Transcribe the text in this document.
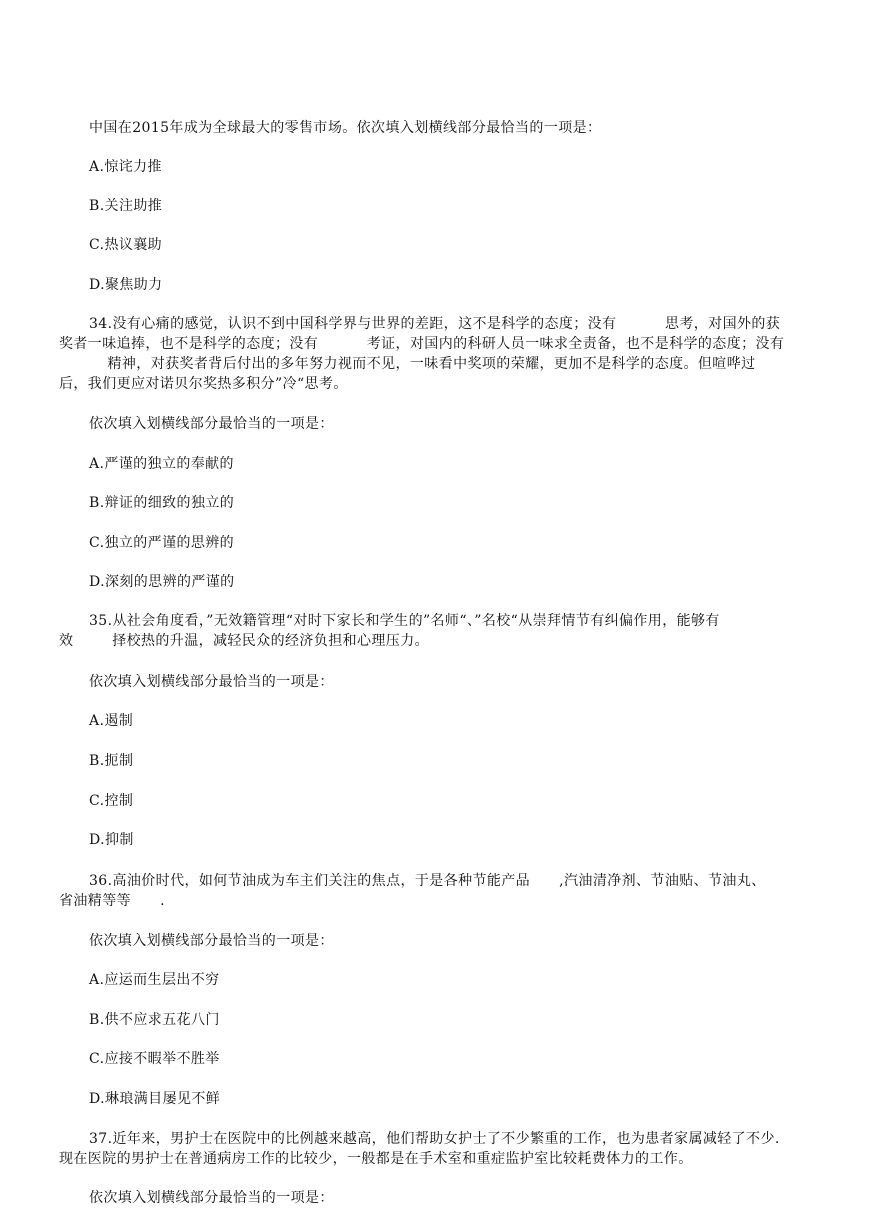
中国在2015年成为全球最大的零售市场。依次填入划横线部分最恰当的一项是：
A.惊诧力推
B.关注助推
C.热议襄助
D.聚焦助力
34.没有心痛的感觉，认识不到中国科学界与世界的差距，这不是科学的态度；没有          思考，对国外的获
奖者一味追捧，也不是科学的态度；没有          考证，对国内的科研人员一味求全责备，也不是科学的态度；没有
精神，对获奖者背后付出的多年努力视而不见，一味看中奖项的荣耀，更加不是科学的态度。但喧哗过
后，我们更应对诺贝尔奖热多积分”冷“思考。
依次填入划横线部分最恰当的一项是：
A.严谨的独立的奉献的
B.辩证的细致的独立的
C.独立的严谨的思辨的
D.深刻的思辨的严谨的
35.从社会角度看，”无效籍管理“对时下家长和学生的”名师“、”名校“从崇拜情节有纠偏作用，能够有
效        择校热的升温，减轻民众的经济负担和心理压力。
依次填入划横线部分最恰当的一项是：
A.遏制
B.扼制
C.控制
D.抑制
36.高油价时代，如何节油成为车主们关注的焦点，于是各种节能产品      ,汽油清净剂、节油贴、节油丸、
省油精等等      .
依次填入划横线部分最恰当的一项是：
A.应运而生层出不穷
B.供不应求五花八门
C.应接不暇举不胜举
D.琳琅满目屡见不鲜
37.近年来，男护士在医院中的比例越来越高，他们帮助女护士了不少繁重的工作，也为患者家属减轻了不少.
现在医院的男护士在普通病房工作的比较少，一般都是在手术室和重症监护室比较耗费体力的工作。
依次填入划横线部分最恰当的一项是：
